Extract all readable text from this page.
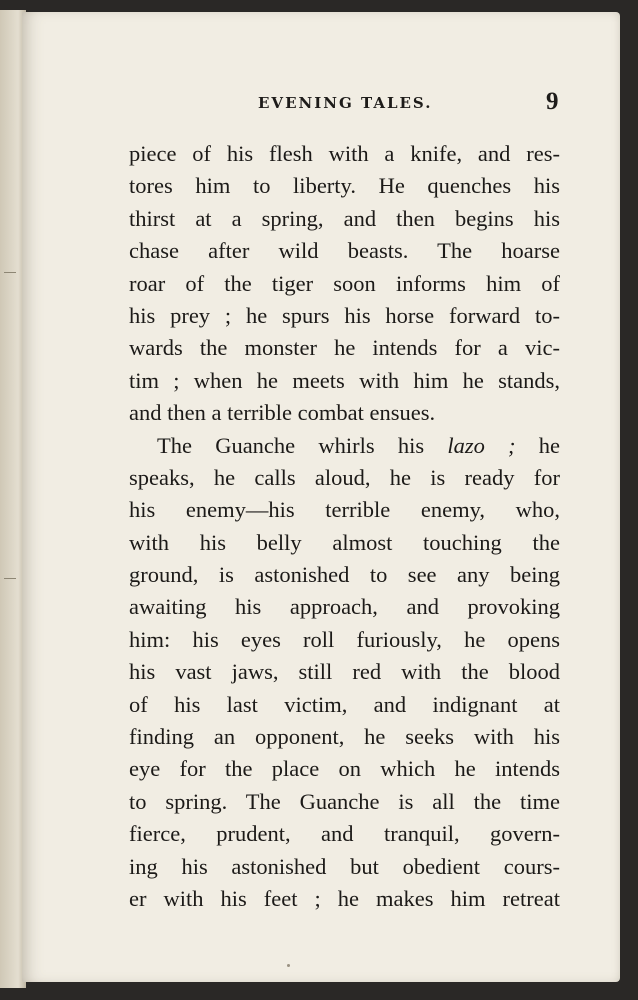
EVENING TALES.	9
piece of his flesh with a knife, and res-
tores him to liberty. He quenches his
thirst at a spring, and then begins his
chase after wild beasts. The hoarse
roar of the tiger soon informs him of
his prey ; he spurs his horse forward to-
wards the monster he intends for a vic-
tim ; when he meets with him he stands,
and then a terrible combat ensues.
The Guanche whirls his lazo ; he
speaks, he calls aloud, he is ready for
his enemy—his terrible enemy, who,
with his belly almost touching the
ground, is astonished to see any being
awaiting his approach, and provoking
him: his eyes roll furiously, he opens
his vast jaws, still red with the blood
of his last victim, and indignant at
finding an opponent, he seeks with his
eye for the place on which he intends
to spring. The Guanche is all the time
fierce, prudent, and tranquil, govern-
ing his astonished but obedient cours-
er with his feet ; he makes him retreat
